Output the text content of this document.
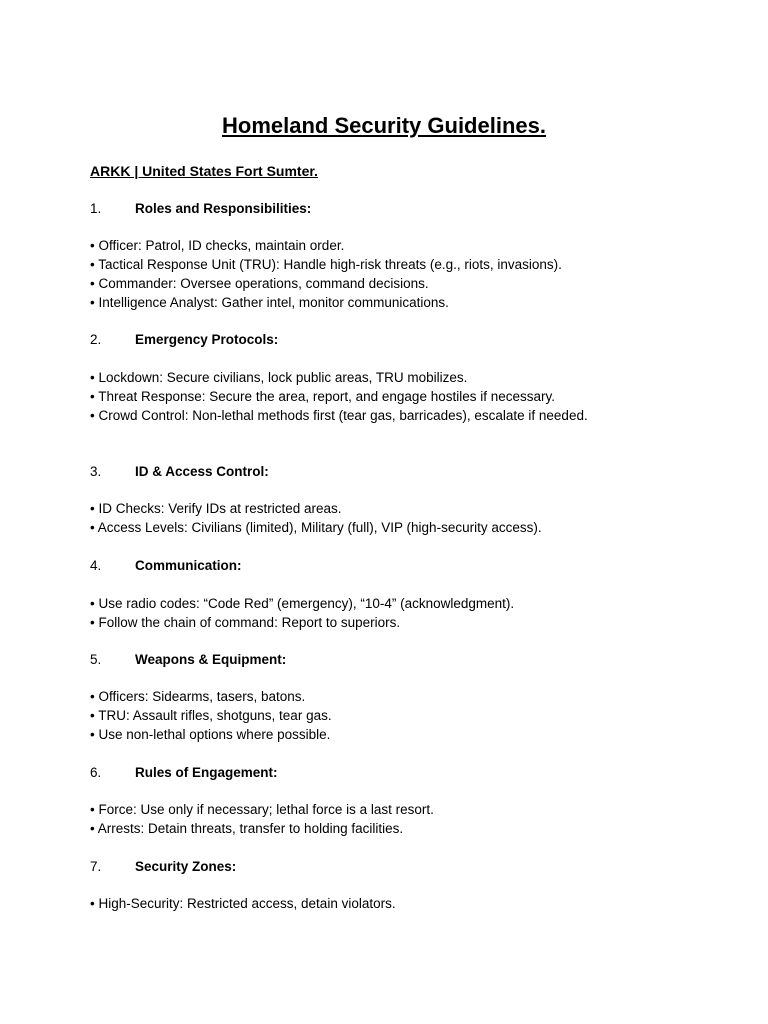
Homeland Security Guidelines.

ARKK | United States Fort Sumter.

1. Roles and Responsibilities:
• Officer: Patrol, ID checks, maintain order.
• Tactical Response Unit (TRU): Handle high-risk threats (e.g., riots, invasions).
• Commander: Oversee operations, command decisions.
• Intelligence Analyst: Gather intel, monitor communications.
2. Emergency Protocols:
• Lockdown: Secure civilians, lock public areas, TRU mobilizes.
• Threat Response: Secure the area, report, and engage hostiles if necessary.
• Crowd Control: Non-lethal methods first (tear gas, barricades), escalate if needed.
3. ID & Access Control:
• ID Checks: Verify IDs at restricted areas.
• Access Levels: Civilians (limited), Military (full), VIP (high-security access).
4. Communication:
• Use radio codes: “Code Red” (emergency), “10-4” (acknowledgment).
• Follow the chain of command: Report to superiors.
5. Weapons & Equipment:
• Officers: Sidearms, tasers, batons.
• TRU: Assault rifles, shotguns, tear gas.
• Use non-lethal options where possible.
6. Rules of Engagement:
• Force: Use only if necessary; lethal force is a last resort.
• Arrests: Detain threats, transfer to holding facilities.
7. Security Zones:
• High-Security: Restricted access, detain violators.
